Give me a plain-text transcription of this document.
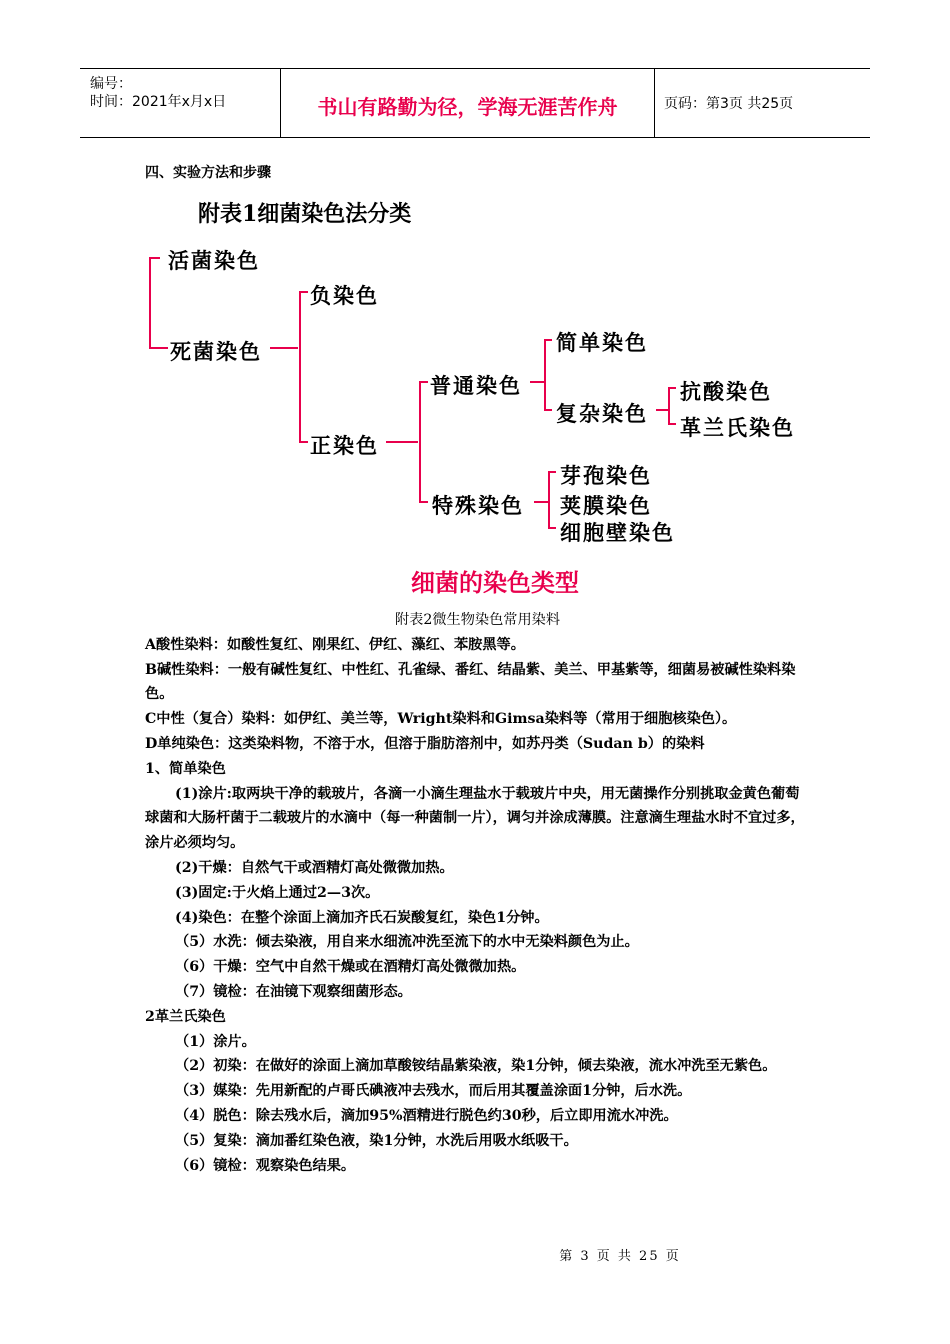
编号：
时间：2021年x月x日	书山有路勤为径，学海无涯苦作舟	页码：第3页 共25页
四、实验方法和步骤
附表1细菌染色法分类
活菌染色
死菌染色
负染色
正染色
普通染色
特殊染色
简单染色
复杂染色
抗酸染色
革兰氏染色
芽孢染色
荚膜染色
细胞壁染色
细菌的染色类型

附表2微生物染色常用染料

A酸性染料：如酸性复红、刚果红、伊红、藻红、苯胺黑等。

B碱性染料：一般有碱性复红、中性红、孔雀绿、番红、结晶紫、美兰、甲基紫等，细菌易被碱性染料染色。

C中性（复合）染料：如伊红、美兰等，Wright染料和Gimsa染料等（常用于细胞核染色）。

D单纯染色：这类染料物，不溶于水，但溶于脂肪溶剂中，如苏丹类（Sudan b）的染料

1、简单染色

(1)涂片:取两块干净的载玻片，各滴一小滴生理盐水于载玻片中央，用无菌操作分别挑取金黄色葡萄球菌和大肠杆菌于二载玻片的水滴中（每一种菌制一片），调匀并涂成薄膜。注意滴生理盐水时不宜过多，涂片必须均匀。

(2)干燥：自然气干或酒精灯高处微微加热。

(3)固定:于火焰上通过2—3次。

(4)染色：在整个涂面上滴加齐氏石炭酸复红，染色1分钟。

（5）水洗：倾去染液，用自来水细流冲洗至流下的水中无染料颜色为止。

（6）干燥：空气中自然干燥或在酒精灯高处微微加热。

（7）镜检：在油镜下观察细菌形态。

2革兰氏染色

（1）涂片。

（2）初染：在做好的涂面上滴加草酸铵结晶紫染液，染1分钟，倾去染液，流水冲洗至无紫色。

（3）媒染：先用新配的卢哥氏碘液冲去残水，而后用其覆盖涂面1分钟，后水洗。

（4）脱色：除去残水后，滴加95%酒精进行脱色约30秒，后立即用流水冲洗。

（5）复染：滴加番红染色液，染1分钟，水洗后用吸水纸吸干。

（6）镜检：观察染色结果。

第 3 页 共 25 页
